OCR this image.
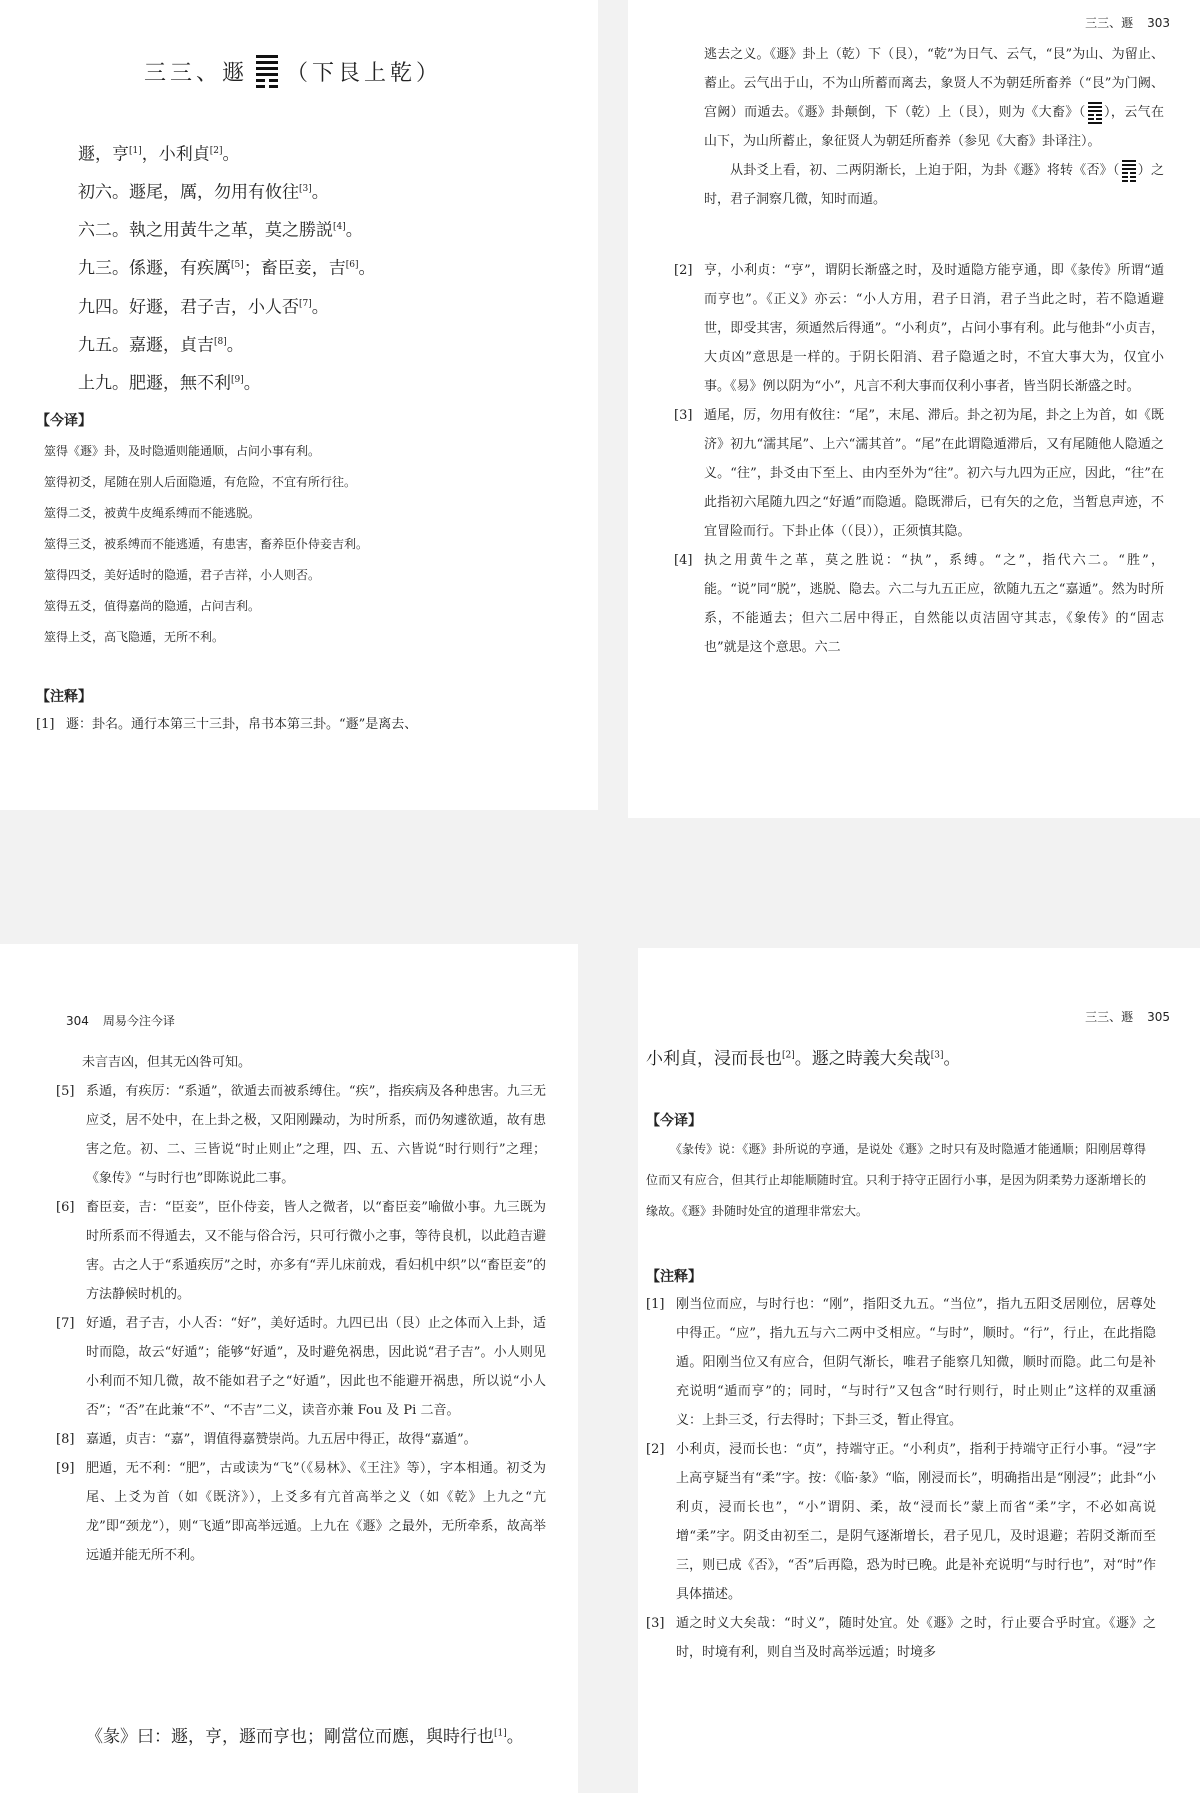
三三、遯 （下艮上乾）
遯，亨[1]，小利貞[2]。
初六。遯尾，厲，勿用有攸往[3]。
六二。執之用黃牛之革，莫之勝説[4]。
九三。係遯，有疾厲[5]；畜臣妾，吉[6]。
九四。好遯，君子吉，小人否[7]。
九五。嘉遯，貞吉[8]。
上九。肥遯，無不利[9]。
【今译】
筮得《遯》卦，及时隐遁则能通顺，占问小事有利。
筮得初爻，尾随在别人后面隐遁，有危险，不宜有所行往。
筮得二爻，被黄牛皮绳系缚而不能逃脱。
筮得三爻，被系缚而不能逃遁，有患害，畜养臣仆侍妾吉利。
筮得四爻，美好适时的隐遁，君子吉祥，小人则否。
筮得五爻，值得嘉尚的隐遁，占问吉利。
筮得上爻，高飞隐遁，无所不利。
【注释】
[1] 遯：卦名。通行本第三十三卦，帛书本第三卦。“遯”是离去、
三三、遯 303

逃去之义。《遯》卦上（乾）下（艮），“乾”为日气、云气，“艮”为山、为留止、蓄止。云气出于山，不为山所蓄而离去，象贤人不为朝廷所畜养（“艮”为门阙、宫阙）而遁去。《遯》卦颠倒，下（乾）上（艮），则为《大畜》（ ），云气在山下，为山所蓄止，象征贤人为朝廷所畜养（参见《大畜》卦译注）。

从卦爻上看，初、二两阴渐长，上迫于阳，为卦《遯》将转《否》（ ）之时，君子洞察几微，知时而遁。

[2] 亨，小利贞：“亨”，谓阴长渐盛之时，及时遁隐方能亨通，即《彖传》所谓“遁而亨也”。《正义》亦云：“小人方用，君子日消，君子当此之时，若不隐遁避世，即受其害，须遁然后得通”。“小利贞”，占问小事有利。此与他卦“小贞吉，大贞凶”意思是一样的。于阴长阳消、君子隐遁之时，不宜大事大为，仅宜小事。《易》例以阴为“小”，凡言不利大事而仅利小事者，皆当阴长渐盛之时。
[3] 遁尾，厉，勿用有攸往：“尾”，末尾、滞后。卦之初为尾，卦之上为首，如《既济》初九“濡其尾”、上六“濡其首”。“尾”在此谓隐遁滞后，又有尾随他人隐遁之义。“往”，卦爻由下至上、由内至外为“往”。初六与九四为正应，因此，“往”在此指初六尾随九四之“好遁”而隐遁。隐既滞后，已有矢的之危，当暂息声迹，不宜冒险而行。下卦止体（（艮）），正须慎其隐。
[4] 执之用黄牛之革，莫之胜说：“执”，系缚。“之”，指代六二。“胜”，能。“说”同“脱”，逃脱、隐去。六二与九五正应，欲随九五之“嘉遁”。然为时所系，不能遁去；但六二居中得正，自然能以贞洁固守其志，《象传》的“固志也”就是这个意思。六二
304 周易今注今译

未言吉凶，但其无凶咎可知。

[5] 系遁，有疾厉：“系遁”，欲遁去而被系缚住。“疾”，指疾病及各种患害。九三无应爻，居不处中，在上卦之极，又阳刚躁动，为时所系，而仍匆遽欲遁，故有患害之危。初、二、三皆说“时止则止”之理，四、五、六皆说“时行则行”之理；《象传》“与时行也”即陈说此二事。
[6] 畜臣妾，吉：“臣妾”，臣仆侍妾，皆人之微者，以“畜臣妾”喻做小事。九三既为时所系而不得遁去，又不能与俗合污，只可行微小之事，等待良机，以此趋吉避害。古之人于“系遁疾厉”之时，亦多有“弄儿床前戏，看妇机中织”以“畜臣妾”的方法静候时机的。
[7] 好遁，君子吉，小人否：“好”，美好适时。九四已出（艮）止之体而入上卦，适时而隐，故云“好遁”；能够“好遁”，及时避免祸患，因此说“君子吉”。小人则见小利而不知几微，故不能如君子之“好遁”，因此也不能避开祸患，所以说“小人否”；“否”在此兼“不”、“不吉”二义，读音亦兼 Fou 及 Pi 二音。
[8] 嘉遁，贞吉：“嘉”，谓值得嘉赞崇尚。九五居中得正，故得“嘉遁”。
[9] 肥遁，无不利：“肥”，古或读为“飞”（《易林》、《王注》等），字本相通。初爻为尾、上爻为首（如《既济》），上爻多有亢首高举之义（如《乾》上九之“亢龙”即“颈龙”），则“飞遁”即高举远遁。上九在《遯》之最外，无所牵系，故高举远遁并能无所不利。
《彖》曰：遯，亨，遯而亨也；剛當位而應，與時行也[1]。
三三、遯 305
小利貞，浸而長也[2]。遯之時義大矣哉[3]。
【今译】

《彖传》说：《遯》卦所说的亨通，是说处《遯》之时只有及时隐遁才能通顺；阳刚居尊得位而又有应合，但其行止却能顺随时宜。只利于持守正固行小事，是因为阴柔势力逐渐增长的缘故。《遯》卦随时处宜的道理非常宏大。

【注释】
[1] 刚当位而应，与时行也：“刚”，指阳爻九五。“当位”，指九五阳爻居刚位，居尊处中得正。“应”，指九五与六二两中爻相应。“与时”，顺时。“行”，行止，在此指隐遁。阳刚当位又有应合，但阴气渐长，唯君子能察几知微，顺时而隐。此二句是补充说明“遁而亨”的；同时，“与时行”又包含“时行则行，时止则止”这样的双重涵义：上卦三爻，行去得时；下卦三爻，暂止得宜。
[2] 小利贞，浸而长也：“贞”，持端守正。“小利贞”，指利于持端守正行小事。“浸”字上高亨疑当有“柔”字。按：《临·彖》“临，刚浸而长”，明确指出是“刚浸”；此卦“小利贞，浸而长也”，“小”谓阴、柔，故“浸而长”蒙上而省“柔”字，不必如高说增“柔”字。阴爻由初至二，是阴气逐渐增长，君子见几，及时退避；若阴爻渐而至三，则已成《否》，“否”后再隐，恐为时已晚。此是补充说明“与时行也”，对“时”作具体描述。
[3] 遁之时义大矣哉：“时义”，随时处宜。处《遯》之时，行止要合乎时宜。《遯》之时，时境有利，则自当及时高举远遁；时境多
